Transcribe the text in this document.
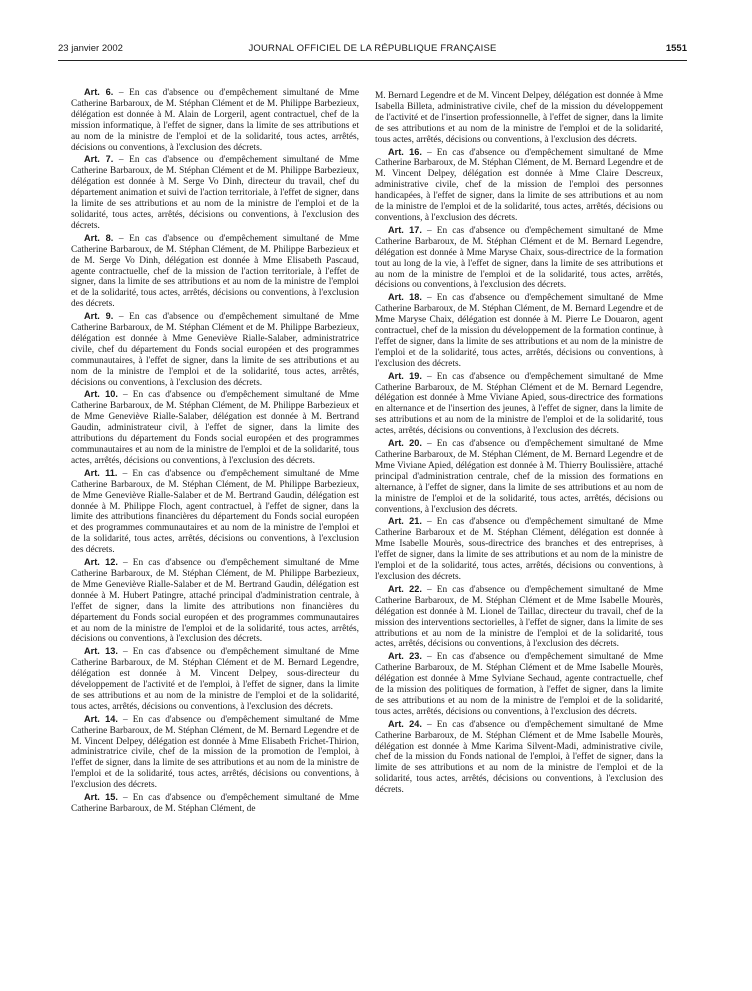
23 janvier 2002	JOURNAL OFFICIEL DE LA RÉPUBLIQUE FRANÇAISE	1551

Art. 6. – En cas d'absence ou d'empêchement simultané de Mme Catherine Barbaroux, de M. Stéphan Clément et de M. Philippe Barbezieux, délégation est donnée à M. Alain de Lorgeril, agent contractuel, chef de la mission informatique, à l'effet de signer, dans la limite de ses attributions et au nom de la ministre de l'emploi et de la solidarité, tous actes, arrêtés, décisions ou conventions, à l'exclusion des décrets.

Art. 7. – En cas d'absence ou d'empêchement simultané de Mme Catherine Barbaroux, de M. Stéphan Clément et de M. Philippe Barbezieux, délégation est donnée à M. Serge Vo Dinh, directeur du travail, chef du département animation et suivi de l'action territoriale, à l'effet de signer, dans la limite de ses attributions et au nom de la ministre de l'emploi et de la solidarité, tous actes, arrêtés, décisions ou conventions, à l'exclusion des décrets.

Art. 8. – En cas d'absence ou d'empêchement simultané de Mme Catherine Barbaroux, de M. Stéphan Clément, de M. Philippe Barbezieux et de M. Serge Vo Dinh, délégation est donnée à Mme Elisabeth Pascaud, agente contractuelle, chef de la mission de l'action territoriale, à l'effet de signer, dans la limite de ses attributions et au nom de la ministre de l'emploi et de la solidarité, tous actes, arrêtés, décisions ou conventions, à l'exclusion des décrets.

Art. 9. – En cas d'absence ou d'empêchement simultané de Mme Catherine Barbaroux, de M. Stéphan Clément et de M. Philippe Barbezieux, délégation est donnée à Mme Geneviève Rialle-Salaber, administratrice civile, chef du département du Fonds social européen et des programmes communautaires, à l'effet de signer, dans la limite de ses attributions et au nom de la ministre de l'emploi et de la solidarité, tous actes, arrêtés, décisions ou conventions, à l'exclusion des décrets.

Art. 10. – En cas d'absence ou d'empêchement simultané de Mme Catherine Barbaroux, de M. Stéphan Clément, de M. Philippe Barbezieux et de Mme Geneviève Rialle-Salaber, délégation est donnée à M. Bertrand Gaudin, administrateur civil, à l'effet de signer, dans la limite des attributions du département du Fonds social européen et des programmes communautaires et au nom de la ministre de l'emploi et de la solidarité, tous actes, arrêtés, décisions ou conventions, à l'exclusion des décrets.

Art. 11. – En cas d'absence ou d'empêchement simultané de Mme Catherine Barbaroux, de M. Stéphan Clément, de M. Philippe Barbezieux, de Mme Geneviève Rialle-Salaber et de M. Bertrand Gaudin, délégation est donnée à M. Philippe Floch, agent contractuel, à l'effet de signer, dans la limite des attributions financières du département du Fonds social européen et des programmes communautaires et au nom de la ministre de l'emploi et de la solidarité, tous actes, arrêtés, décisions ou conventions, à l'exclusion des décrets.

Art. 12. – En cas d'absence ou d'empêchement simultané de Mme Catherine Barbaroux, de M. Stéphan Clément, de M. Philippe Barbezieux, de Mme Geneviève Rialle-Salaber et de M. Bertrand Gaudin, délégation est donnée à M. Hubert Patingre, attaché principal d'administration centrale, à l'effet de signer, dans la limite des attributions non financières du département du Fonds social européen et des programmes communautaires et au nom de la ministre de l'emploi et de la solidarité, tous actes, arrêtés, décisions ou conventions, à l'exclusion des décrets.

Art. 13. – En cas d'absence ou d'empêchement simultané de Mme Catherine Barbaroux, de M. Stéphan Clément et de M. Bernard Legendre, délégation est donnée à M. Vincent Delpey, sous-directeur du développement de l'activité et de l'emploi, à l'effet de signer, dans la limite de ses attributions et au nom de la ministre de l'emploi et de la solidarité, tous actes, arrêtés, décisions ou conventions, à l'exclusion des décrets.

Art. 14. – En cas d'absence ou d'empêchement simultané de Mme Catherine Barbaroux, de M. Stéphan Clément, de M. Bernard Legendre et de M. Vincent Delpey, délégation est donnée à Mme Elisabeth Frichet-Thirion, administratrice civile, chef de la mission de la promotion de l'emploi, à l'effet de signer, dans la limite de ses attributions et au nom de la ministre de l'emploi et de la solidarité, tous actes, arrêtés, décisions ou conventions, à l'exclusion des décrets.

Art. 15. – En cas d'absence ou d'empêchement simultané de Mme Catherine Barbaroux, de M. Stéphan Clément, de

M. Bernard Legendre et de M. Vincent Delpey, délégation est donnée à Mme Isabella Billeta, administrative civile, chef de la mission du développement de l'activité et de l'insertion professionnelle, à l'effet de signer, dans la limite de ses attributions et au nom de la ministre de l'emploi et de la solidarité, tous actes, arrêtés, décisions ou conventions, à l'exclusion des décrets.

Art. 16. – En cas d'absence ou d'empêchement simultané de Mme Catherine Barbaroux, de M. Stéphan Clément, de M. Bernard Legendre et de M. Vincent Delpey, délégation est donnée à Mme Claire Descreux, administrative civile, chef de la mission de l'emploi des personnes handicapées, à l'effet de signer, dans la limite de ses attributions et au nom de la ministre de l'emploi et de la solidarité, tous actes, arrêtés, décisions ou conventions, à l'exclusion des décrets.

Art. 17. – En cas d'absence ou d'empêchement simultané de Mme Catherine Barbaroux, de M. Stéphan Clément et de M. Bernard Legendre, délégation est donnée à Mme Maryse Chaix, sous-directrice de la formation tout au long de la vie, à l'effet de signer, dans la limite de ses attributions et au nom de la ministre de l'emploi et de la solidarité, tous actes, arrêtés, décisions ou conventions, à l'exclusion des décrets.

Art. 18. – En cas d'absence ou d'empêchement simultané de Mme Catherine Barbaroux, de M. Stéphan Clément, de M. Bernard Legendre et de Mme Maryse Chaix, délégation est donnée à M. Pierre Le Douaron, agent contractuel, chef de la mission du développement de la formation continue, à l'effet de signer, dans la limite de ses attributions et au nom de la ministre de l'emploi et de la solidarité, tous actes, arrêtés, décisions ou conventions, à l'exclusion des décrets.

Art. 19. – En cas d'absence ou d'empêchement simultané de Mme Catherine Barbaroux, de M. Stéphan Clément et de M. Bernard Legendre, délégation est donnée à Mme Viviane Apied, sous-directrice des formations en alternance et de l'insertion des jeunes, à l'effet de signer, dans la limite de ses attributions et au nom de la ministre de l'emploi et de la solidarité, tous actes, arrêtés, décisions ou conventions, à l'exclusion des décrets.

Art. 20. – En cas d'absence ou d'empêchement simultané de Mme Catherine Barbaroux, de M. Stéphan Clément, de M. Bernard Legendre et de Mme Viviane Apied, délégation est donnée à M. Thierry Boulissière, attaché principal d'administration centrale, chef de la mission des formations en alternance, à l'effet de signer, dans la limite de ses attributions et au nom de la ministre de l'emploi et de la solidarité, tous actes, arrêtés, décisions ou conventions, à l'exclusion des décrets.

Art. 21. – En cas d'absence ou d'empêchement simultané de Mme Catherine Barbaroux et de M. Stéphan Clément, délégation est donnée à Mme Isabelle Mourès, sous-directrice des branches et des entreprises, à l'effet de signer, dans la limite de ses attributions et au nom de la ministre de l'emploi et de la solidarité, tous actes, arrêtés, décisions ou conventions, à l'exclusion des décrets.

Art. 22. – En cas d'absence ou d'empêchement simultané de Mme Catherine Barbaroux, de M. Stéphan Clément et de Mme Isabelle Mourès, délégation est donnée à M. Lionel de Taillac, directeur du travail, chef de la mission des interventions sectorielles, à l'effet de signer, dans la limite de ses attributions et au nom de la ministre de l'emploi et de la solidarité, tous actes, arrêtés, décisions ou conventions, à l'exclusion des décrets.

Art. 23. – En cas d'absence ou d'empêchement simultané de Mme Catherine Barbaroux, de M. Stéphan Clément et de Mme Isabelle Mourès, délégation est donnée à Mme Sylviane Sechaud, agente contractuelle, chef de la mission des politiques de formation, à l'effet de signer, dans la limite de ses attributions et au nom de la ministre de l'emploi et de la solidarité, tous actes, arrêtés, décisions ou conventions, à l'exclusion des décrets.

Art. 24. – En cas d'absence ou d'empêchement simultané de Mme Catherine Barbaroux, de M. Stéphan Clément et de Mme Isabelle Mourès, délégation est donnée à Mme Karima Silvent-Madi, administrative civile, chef de la mission du Fonds national de l'emploi, à l'effet de signer, dans la limite de ses attributions et au nom de la ministre de l'emploi et de la solidarité, tous actes, arrêtés, décisions ou conventions, à l'exclusion des décrets.
